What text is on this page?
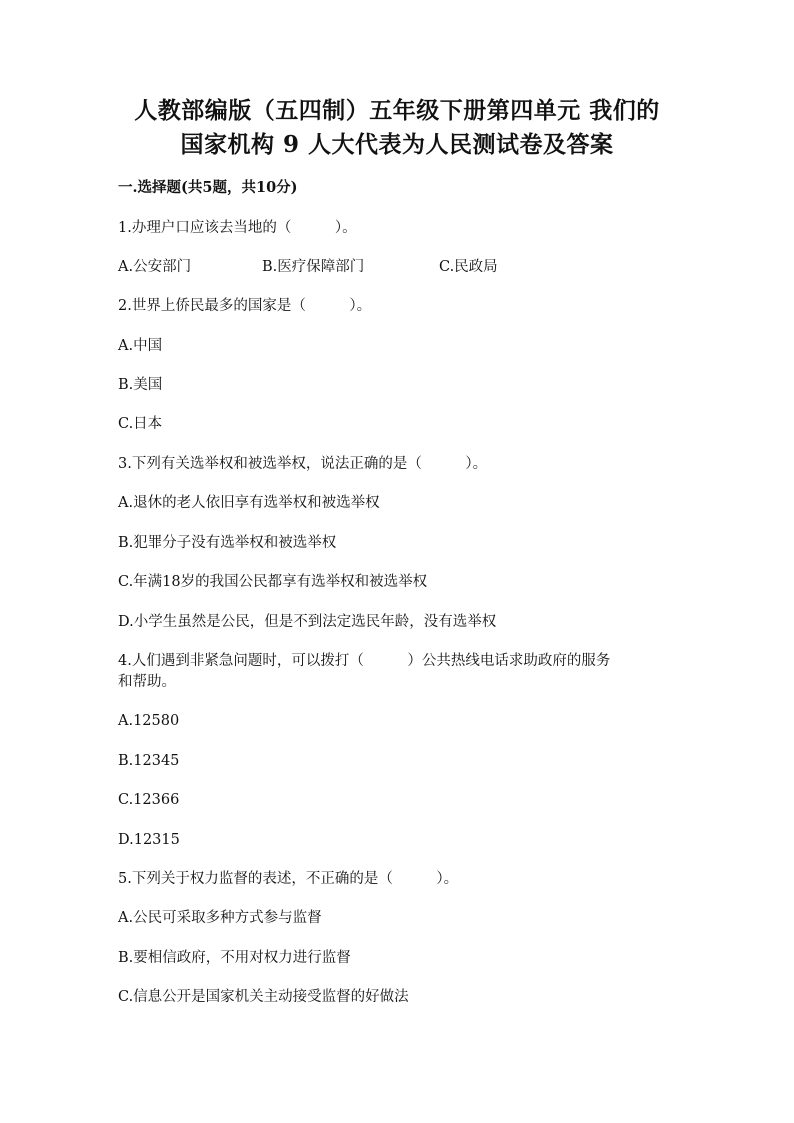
人教部编版（五四制）五年级下册第四单元 我们的
国家机构 9 人大代表为人民测试卷及答案
一.选择题(共5题，共10分)
1.办理户口应该去当地的（　　　）。
A.公安部门	B.医疗保障部门	C.民政局
2.世界上侨民最多的国家是（　　　）。
A.中国
B.美国
C.日本
3.下列有关选举权和被选举权，说法正确的是（　　　）。
A.退休的老人依旧享有选举权和被选举权
B.犯罪分子没有选举权和被选举权
C.年满18岁的我国公民都享有选举权和被选举权
D.小学生虽然是公民，但是不到法定选民年龄，没有选举权
4.人们遇到非紧急问题时，可以拨打（　　　）公共热线电话求助政府的服务
和帮助。
A.12580
B.12345
C.12366
D.12315
5.下列关于权力监督的表述，不正确的是（　　　）。
A.公民可采取多种方式参与监督
B.要相信政府，不用对权力进行监督
C.信息公开是国家机关主动接受监督的好做法
